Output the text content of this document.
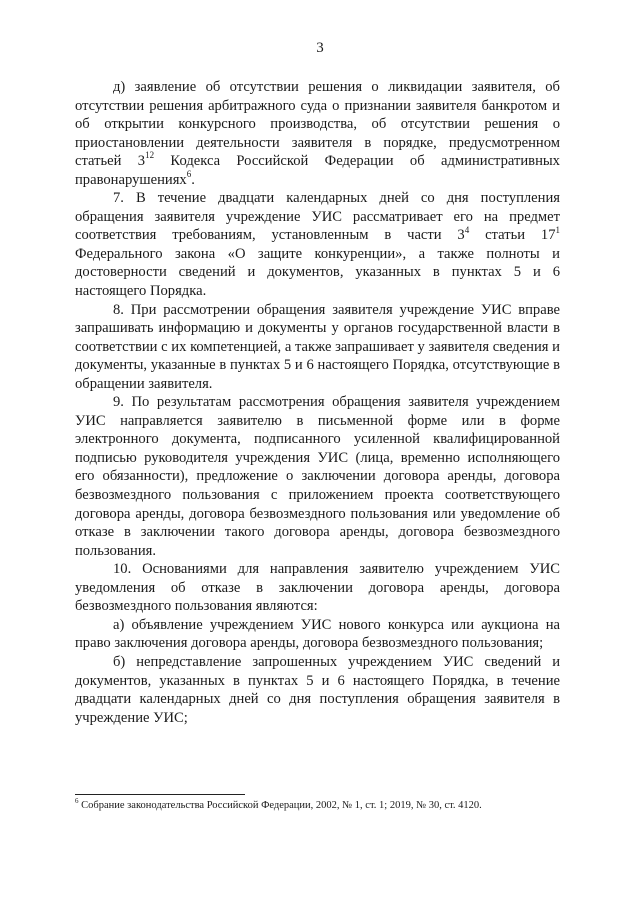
3

д) заявление об отсутствии решения о ликвидации заявителя, об отсутствии решения арбитражного суда о признании заявителя банкротом и об открытии конкурсного производства, об отсутствии решения о приостановлении деятельности заявителя в порядке, предусмотренном статьей $3^{12}$ Кодекса Российской Федерации об административных правонарушениях$^6$.

7. В течение двадцати календарных дней со дня поступления обращения заявителя учреждение УИС рассматривает его на предмет соответствия требованиям, установленным в части $3^4$ статьи $17^1$ Федерального закона «О защите конкуренции», а также полноты и достоверности сведений и документов, указанных в пунктах 5 и 6 настоящего Порядка.

8. При рассмотрении обращения заявителя учреждение УИС вправе запрашивать информацию и документы у органов государственной власти в соответствии с их компетенцией, а также запрашивает у заявителя сведения и документы, указанные в пунктах 5 и 6 настоящего Порядка, отсутствующие в обращении заявителя.

9. По результатам рассмотрения обращения заявителя учреждением УИС направляется заявителю в письменной форме или в форме электронного документа, подписанного усиленной квалифицированной подписью руководителя учреждения УИС (лица, временно исполняющего его обязанности), предложение о заключении договора аренды, договора безвозмездного пользования с приложением проекта соответствующего договора аренды, договора безвозмездного пользования или уведомление об отказе в заключении такого договора аренды, договора безвозмездного пользования.

10. Основаниями для направления заявителю учреждением УИС уведомления об отказе в заключении договора аренды, договора безвозмездного пользования являются:

а) объявление учреждением УИС нового конкурса или аукциона на право заключения договора аренды, договора безвозмездного пользования;

б) непредставление запрошенных учреждением УИС сведений и документов, указанных в пунктах 5 и 6 настоящего Порядка, в течение двадцати календарных дней со дня поступления обращения заявителя в учреждение УИС;

$^6$ Собрание законодательства Российской Федерации, 2002, № 1, ст. 1; 2019, № 30, ст. 4120.
